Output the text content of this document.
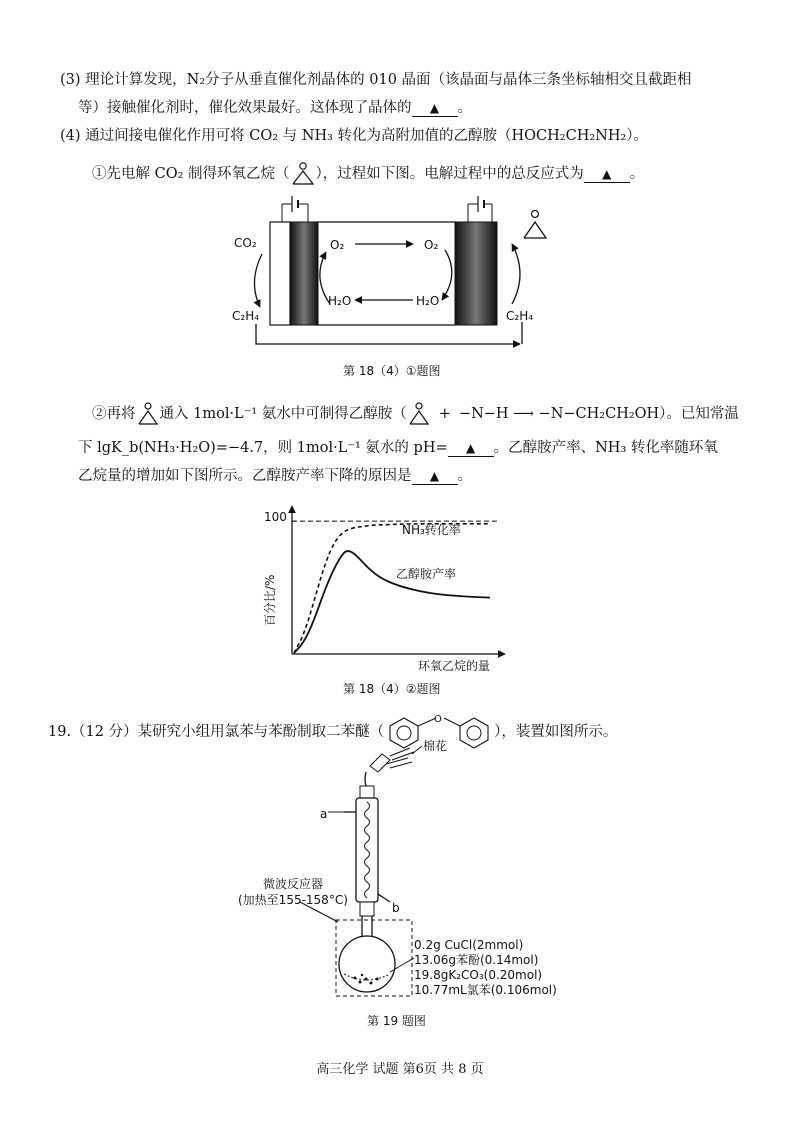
(3) 理论计算发现，N₂分子从垂直催化剂晶体的 010 晶面（该晶面与晶体三条坐标轴相交且截距相
等）接触催化剂时，催化效果最好。这体现了晶体的 ▲ 。
(4) 通过间接电催化作用可将 CO₂ 与 NH₃ 转化为高附加值的乙醇胺（HOCH₂CH₂NH₂）。
①先电解 CO₂ 制得环氧乙烷（ ），过程如下图。电解过程中的总反应式为 ▲ 。
CO₂
C₂H₄
O₂	O₂
H₂O	H₂O
C₂H₄
第 18（4）①题图
②再将 通入 1mol·L⁻¹ 氨水中可制得乙醇胺（ + −N−H ⟶ −N−CH₂CH₂OH）。已知常温
下 lgK_b(NH₃·H₂O)=−4.7，则 1mol·L⁻¹ 氨水的 pH= ▲ 。乙醇胺产率、NH₃ 转化率随环氧
乙烷量的增加如下图所示。乙醇胺产率下降的原因是 ▲ 。
100
环氧乙烷的量
百分比/%
NH₃转化率
乙醇胺产率
第 18（4）②题图
19.（12 分）某研究小组用氯苯与苯酚制取二苯醚（
O
），装置如图所示。
棉花
a
b
微波反应器
(加热至155-158°C)
0.2g CuCl(2mmol)
13.06g苯酚(0.14mol)
19.8gK₂CO₃(0.20mol)
10.77mL氯苯(0.106mol)
第 19 题图
高三化学 试题 第6页 共 8 页
